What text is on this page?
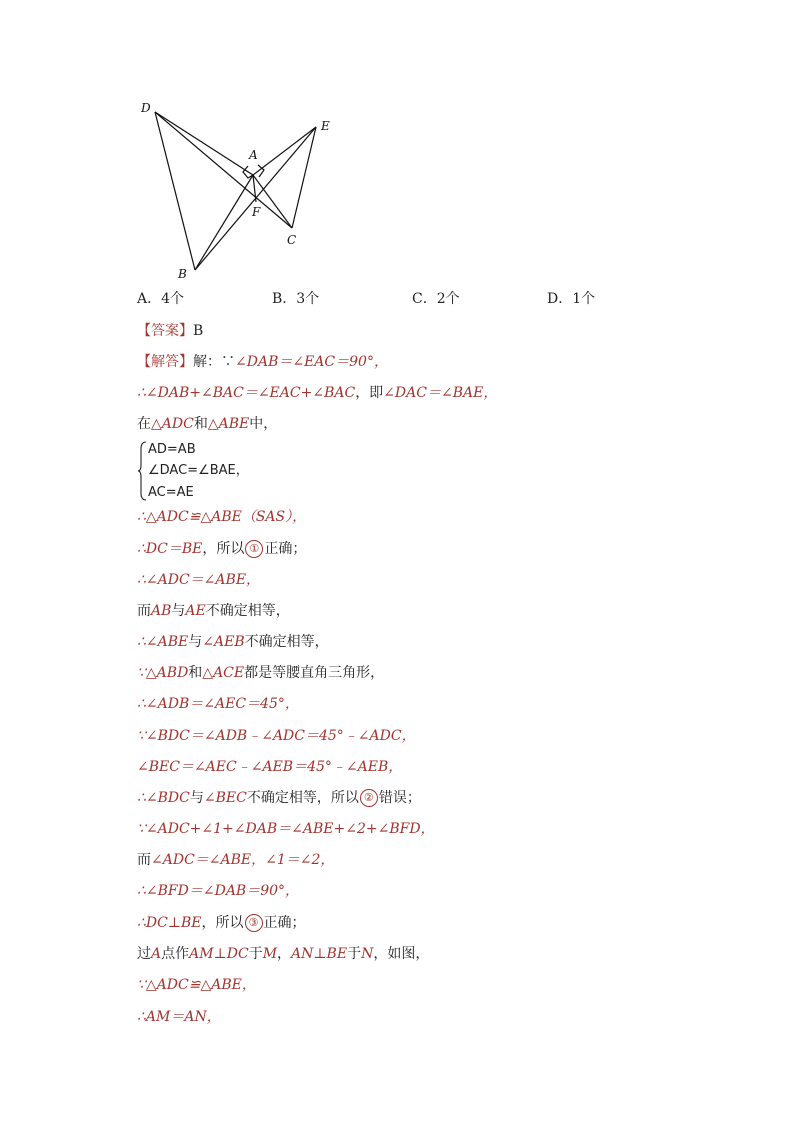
D
E
A
F
C
B
A．4个	B．3个	C．2个	D．1个
【答案】B
【解答】解：∵∠DAB＝∠EAC＝90°，
∴∠DAB+∠BAC＝∠EAC+∠BAC，即∠DAC＝∠BAE，
在△ADC和△ABE中，
AD=AB
∠DAC=∠BAE，
AC=AE
∴△ADC≌△ABE（SAS），
∴DC＝BE，所以 ① 正确；
∴∠ADC＝∠ABE，
而AB与AE不确定相等，
∴∠ABE与∠AEB不确定相等，
∵△ABD和△ACE都是等腰直角三角形，
∴∠ADB＝∠AEC＝45°，
∵∠BDC＝∠ADB﹣∠ADC＝45°﹣∠ADC，
∠BEC＝∠AEC﹣∠AEB＝45°﹣∠AEB，
∴∠BDC与∠BEC不确定相等，所以 ② 错误；
∵∠ADC+∠1+∠DAB＝∠ABE+∠2+∠BFD，
而∠ADC＝∠ABE，∠1＝∠2，
∴∠BFD＝∠DAB＝90°，
∴DC⊥BE，所以 ③ 正确；
过A点作AM⊥DC于M，AN⊥BE于N，如图，
∵△ADC≌△ABE，
∴AM＝AN，
